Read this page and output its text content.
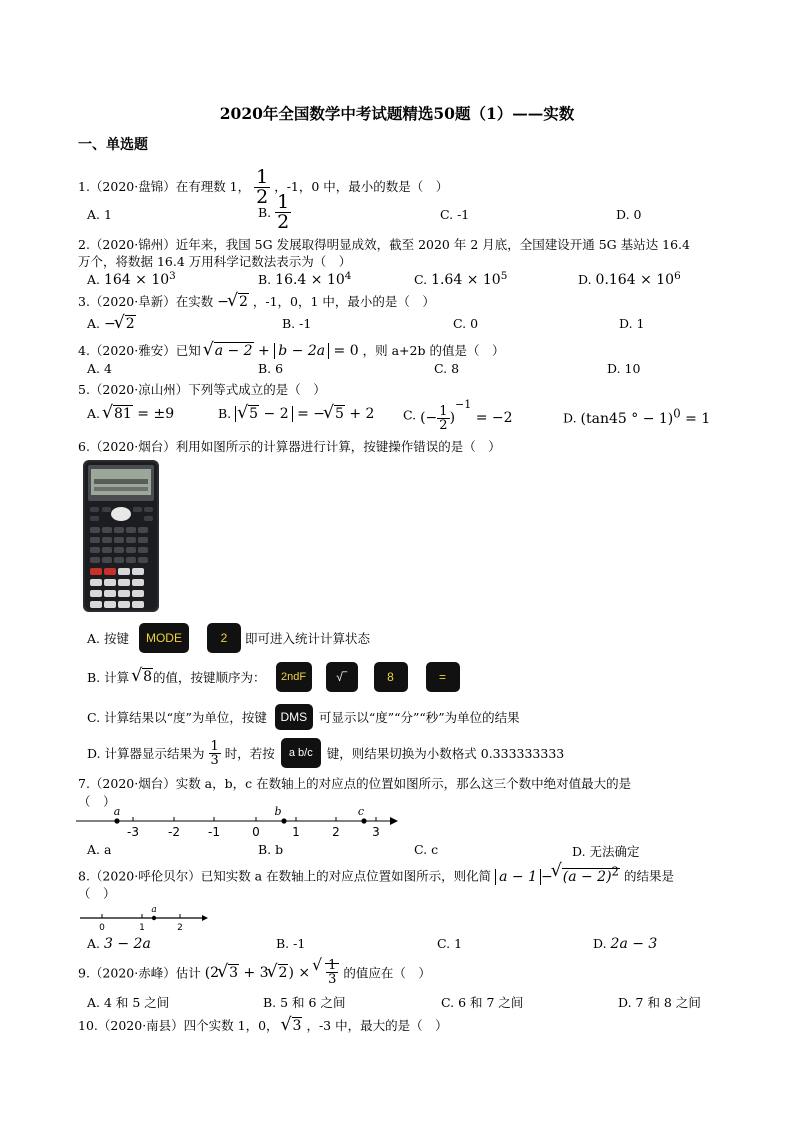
2020年全国数学中考试题精选50题（1）——实数
一、单选题
1.（2020·盘锦）在有理数 1， $\frac{1}{2}$ ，-1，0 中，最小的数是（　）
A. 1	B. $\frac{1}{2}$	C. -1	D. 0
2.（2020·锦州）近年来，我国 5G 发展取得明显成效，截至 2020 年 2 月底，全国建设开通 5G 基站达 16.4
万个，将数据 16.4 万用科学记数法表示为（　）
A. $164 \times 10^3$	B. $16.4 \times 10^4$	C. $1.64 \times 10^5$	D. $0.164 \times 10^6$
3.（2020·阜新）在实数 − √ 2 ，-1，0，1 中，最小的是（　）
A. − √ 2	B. -1	C. 0	D. 1
4.（2020·雅安）已知 √ a − 2 + b − 2a = 0 ，则 a+2b 的值是（　）
A. 4	B. 6	C. 8	D. 10
5.（2020·凉山州）下列等式成立的是（　）
A. √ 81 = ±9	B. √ 5 − 2 = − √ 5 + 2 C. (− $\frac{1}{2} )^{-1} = -2$	D. (tan45 ° − 1)$^0$ = 1
6.（2020·烟台）利用如图所示的计算器进行计算，按键操作错误的是（　）
A. 按键 MODE	2 即可进入统计计算状态
B. 计算 √ 8的值，按键顺序为： 2ndF	√‾	8	=
C. 计算结果以“度”为单位，按键 DMS 可显示以“度”“分”“秒”为单位的结果
D. 计算器显示结果为 $\frac{1}{3}$ 时，若按 a b/c 键，则结果切换为小数格式 0.333333333
7.（2020·烟台）实数 a，b，c 在数轴上的对应点的位置如图所示，那么这三个数中绝对值最大的是
（　）
-3 -2 -1	0	1	2	3
a	b	c
A. a	B. b	C. c	D. 无法确定
8.（2020·呼伦贝尔）已知实数 a 在数轴上的对应点位置如图所示，则化简 a − 1 − √ $(a - 2)^2$ 的结果是
（　）
0	1	2
a
A. 3 − 2a	B. -1	C. 1	D. 2a − 3
9.（2020·赤峰）估计 (2 √ 3 + 3 √ 2) × √ $\frac{1}{3}$ 的值应在（　）
A. 4 和 5 之间	B. 5 和 6 之间	C. 6 和 7 之间	D. 7 和 8 之间
10.（2020·南县）四个实数 1，0， √ 3 ，-3 中，最大的是（　）
